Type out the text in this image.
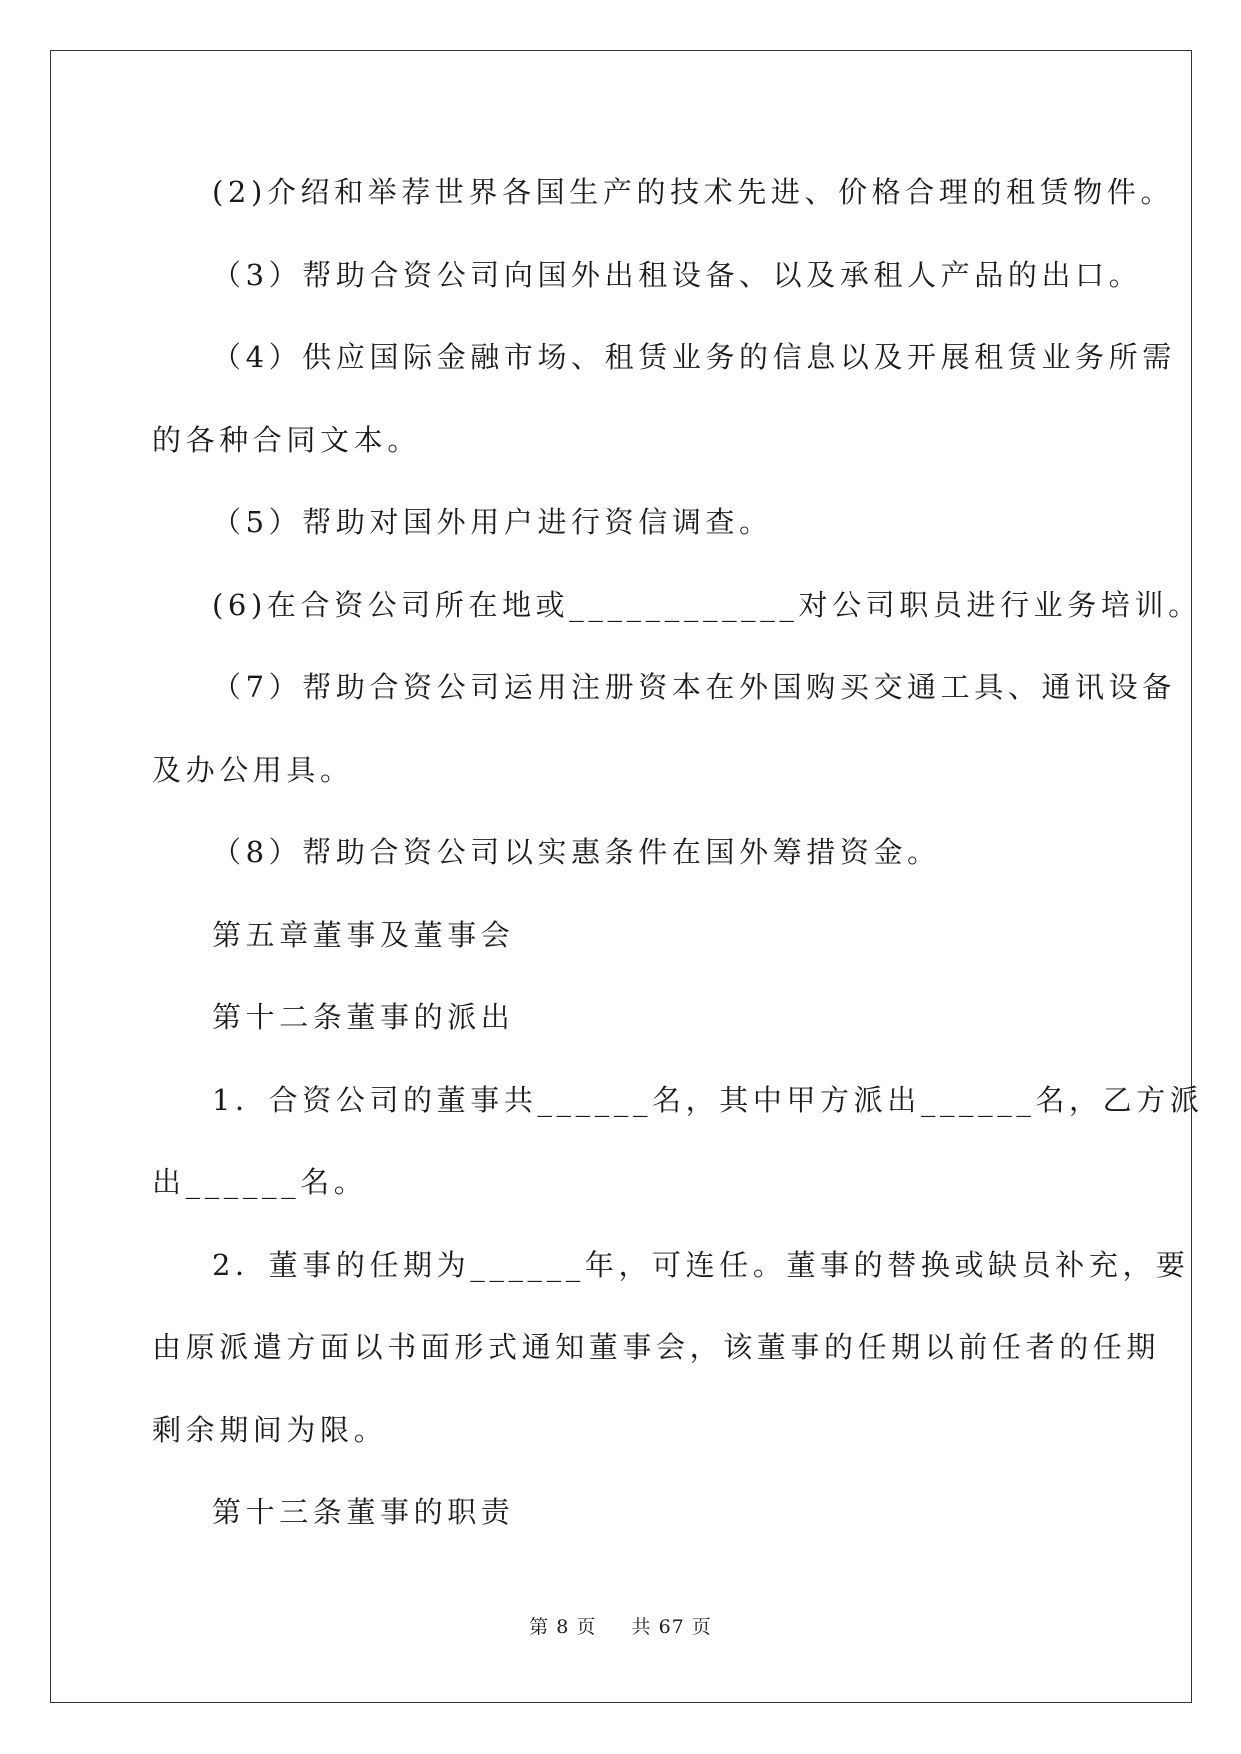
(2)介绍和举荐世界各国生产的技术先进、价格合理的租赁物件。
（3）帮助合资公司向国外出租设备、以及承租人产品的出口。
（4）供应国际金融市场、租赁业务的信息以及开展租赁业务所需
的各种合同文本。
（5）帮助对国外用户进行资信调查。
(6)在合资公司所在地或____________对公司职员进行业务培训。
（7）帮助合资公司运用注册资本在外国购买交通工具、通讯设备
及办公用具。
（8）帮助合资公司以实惠条件在国外筹措资金。
第五章董事及董事会
第十二条董事的派出
1．合资公司的董事共______名，其中甲方派出______名，乙方派
出______名。
2．董事的任期为______年，可连任。董事的替换或缺员补充，要
由原派遣方面以书面形式通知董事会，该董事的任期以前任者的任期
剩余期间为限。
第十三条董事的职责
第 8 页 共 67 页
